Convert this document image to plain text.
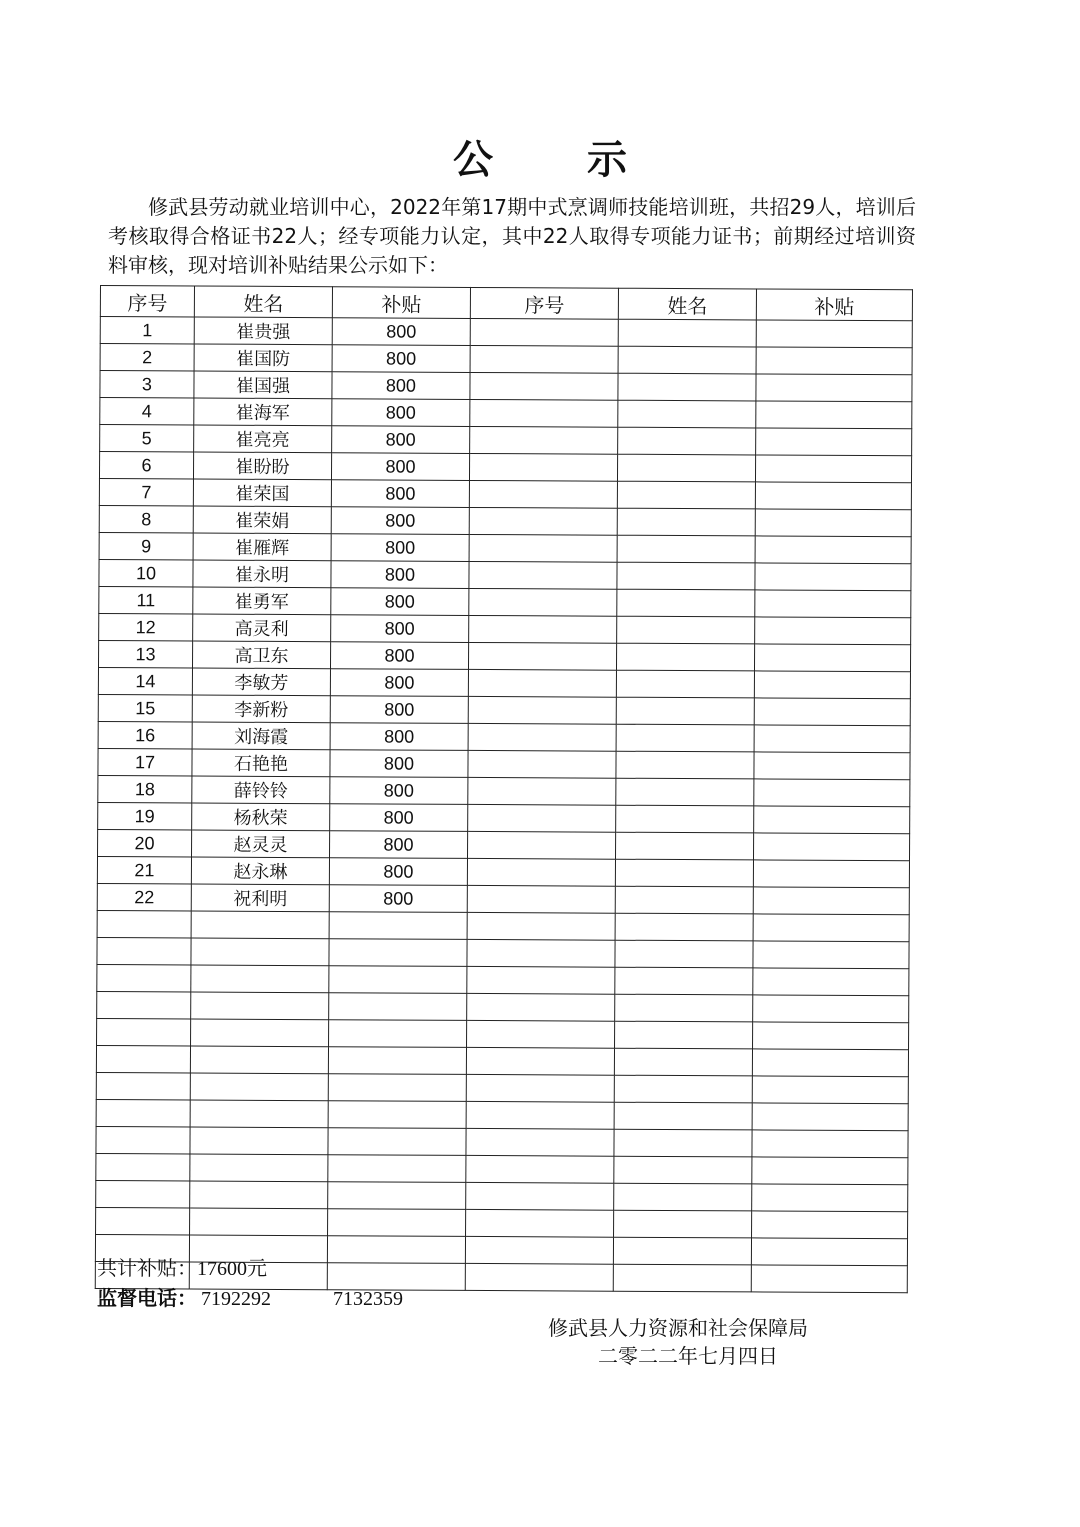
公 示

修武县劳动就业培训中心，2022年第17期中式烹调师技能培训班，共招29人，培训后考核取得合格证书22人；经专项能力认定，其中22人取得专项能力证书；前期经过培训资料审核，现对培训补贴结果公示如下：

序号	姓名	补贴	序号	姓名	补贴
1	崔贵强	800			
2	崔国防	800			
3	崔国强	800			
4	崔海军	800			
5	崔亮亮	800			
6	崔盼盼	800			
7	崔荣国	800			
8	崔荣娟	800			
9	崔雁辉	800			
10	崔永明	800			
11	崔勇军	800			
12	高灵利	800			
13	高卫东	800			
14	李敏芳	800			
15	李新粉	800			
16	刘海霞	800			
17	石艳艳	800			
18	薛铃铃	800			
19	杨秋荣	800			
20	赵灵灵	800			
21	赵永琳	800			
22	祝利明	800			

共计补贴：17600元
监督电话： 7192292	7132359
修武县人力资源和社会保障局
二零二二年七月四日
